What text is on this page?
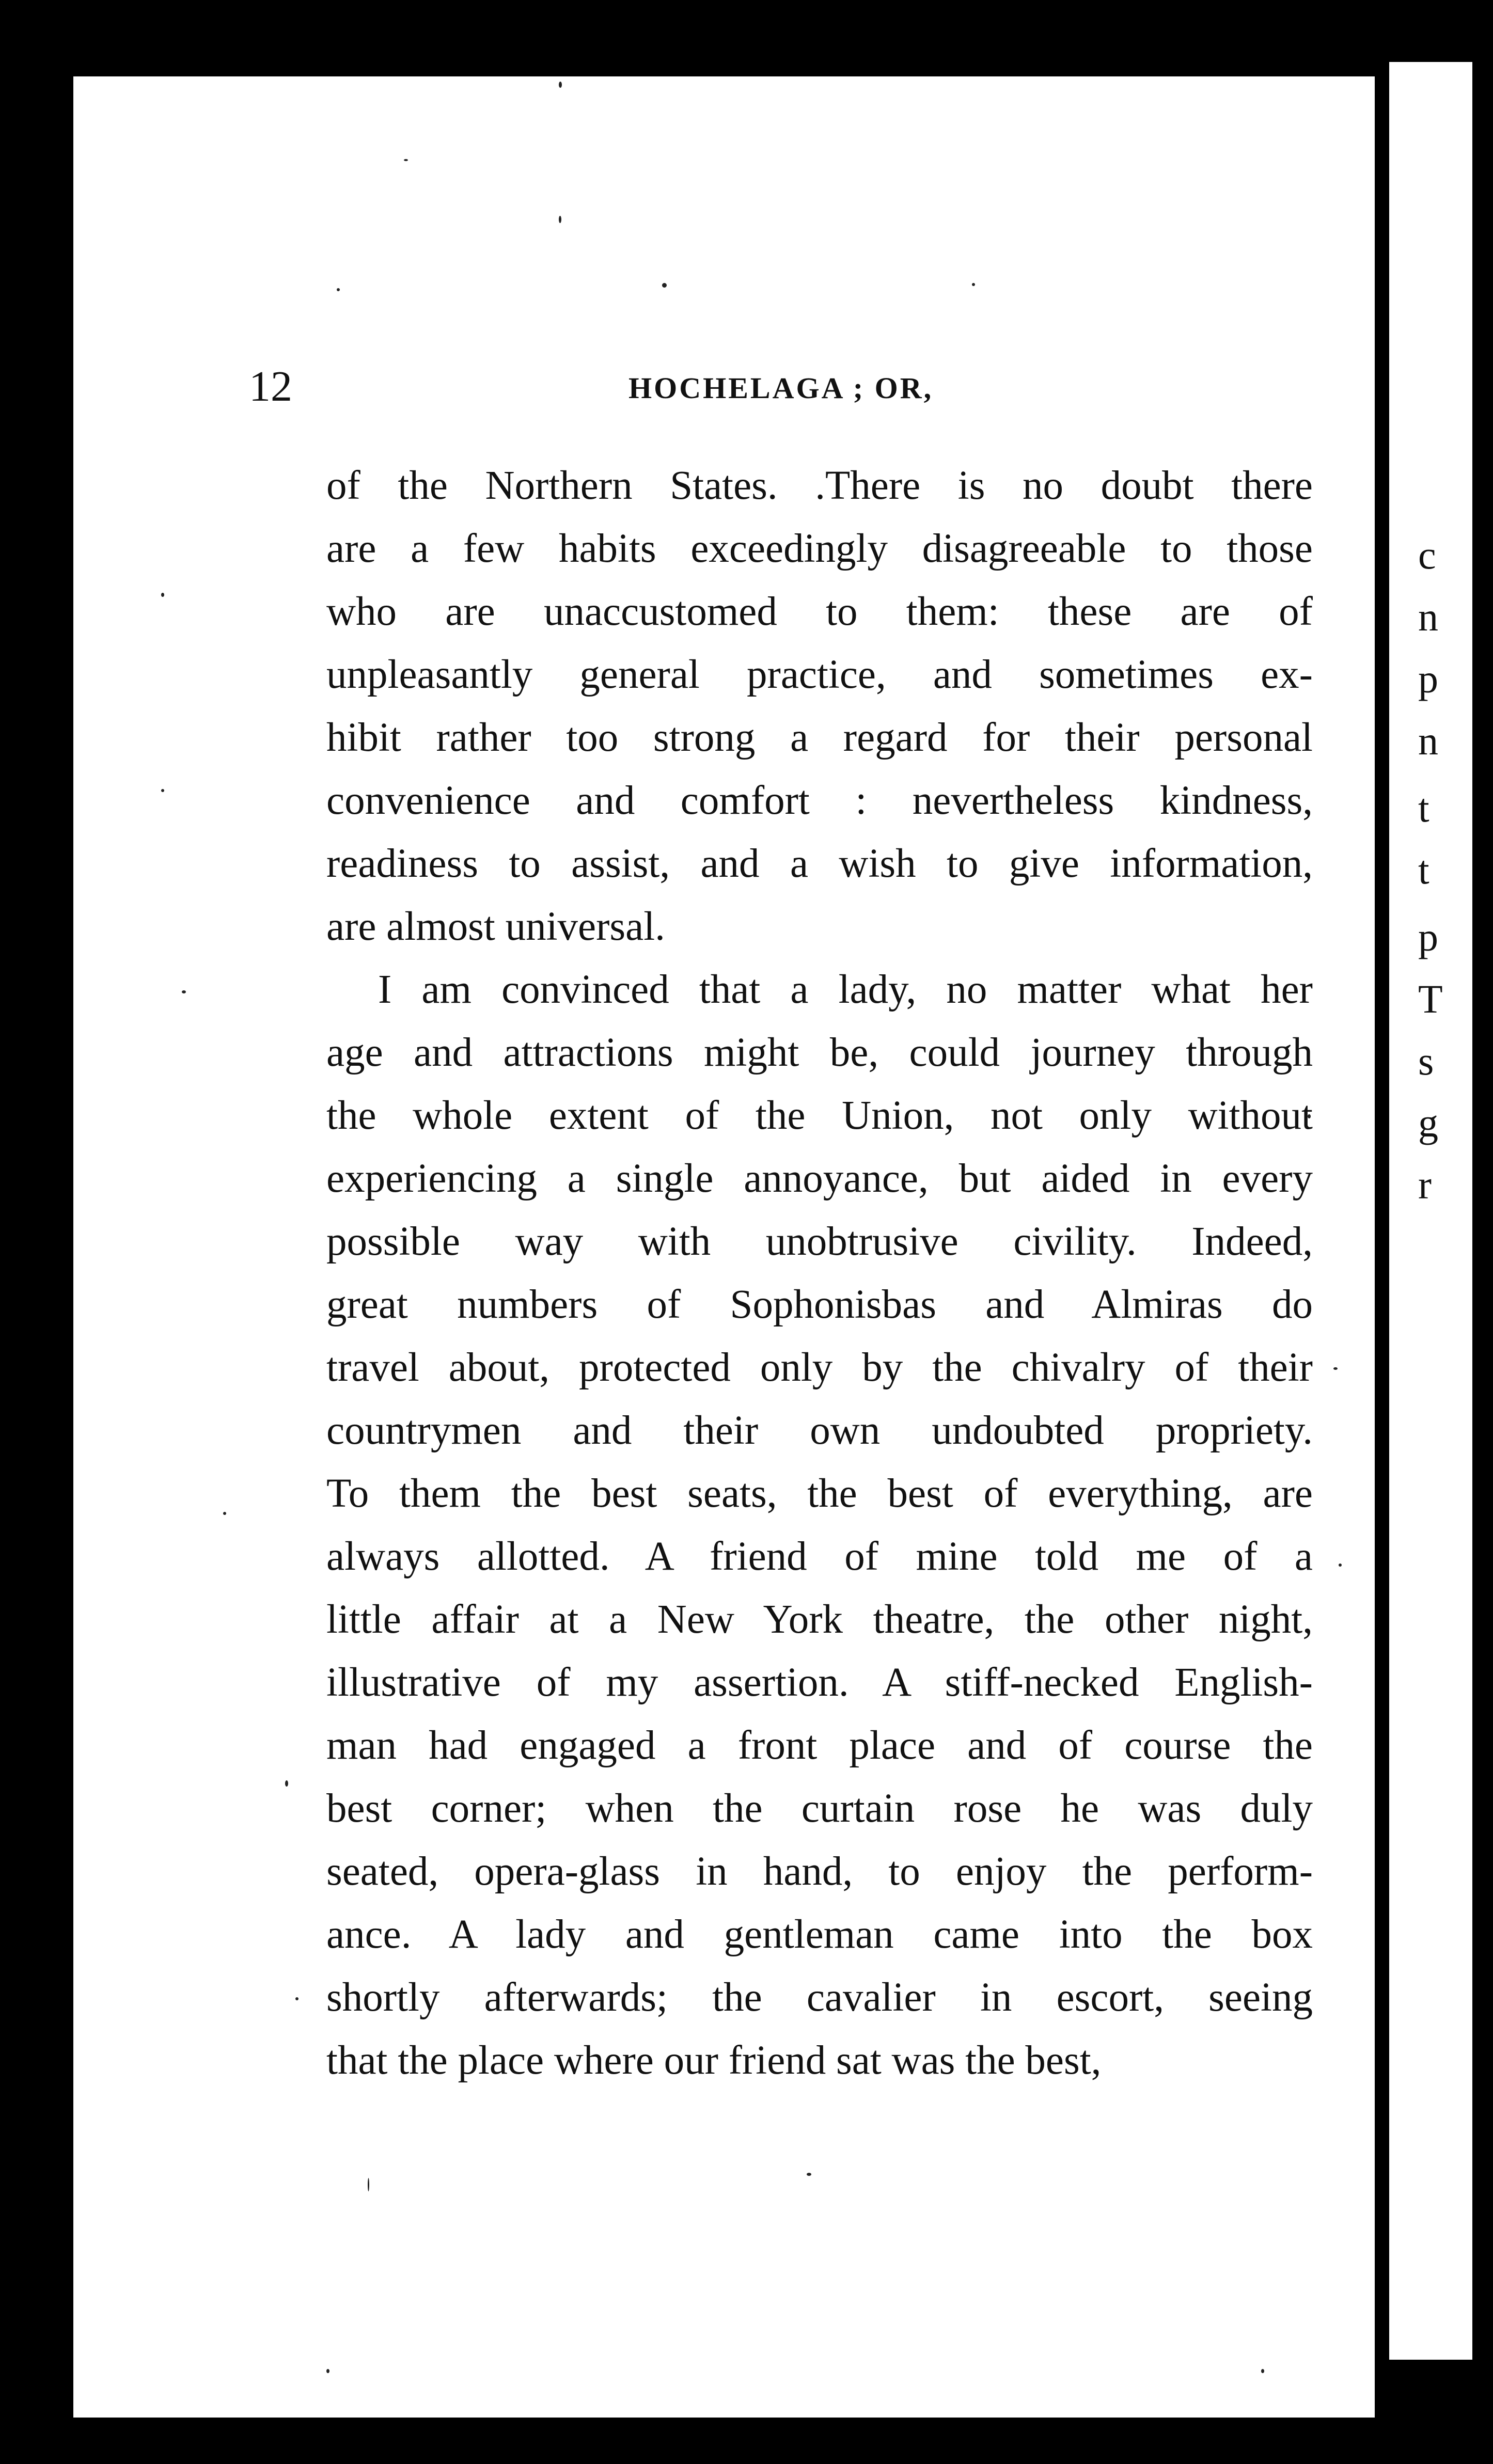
c
n
p
n
t
t
p
T
s
g
r
12	HOCHELAGA ; OR,
of the Northern States. .There is no doubt there
are a few habits exceedingly disagreeable to those
who are unaccustomed to them: these are of
unpleasantly general practice, and sometimes ex-
hibit rather too strong a regard for their personal
convenience and comfort : nevertheless kindness,
readiness to assist, and a wish to give information,
are almost universal.
I am convinced that a lady, no matter what her
age and attractions might be, could journey through
the whole extent of the Union, not only without
experiencing a single annoyance, but aided in every
possible way with unobtrusive civility. Indeed,
great numbers of Sophonisbas and Almiras do
travel about, protected only by the chivalry of their
countrymen and their own undoubted propriety.
To them the best seats, the best of everything, are
always allotted. A friend of mine told me of a
little affair at a New York theatre, the other night,
illustrative of my assertion. A stiff-necked English-
man had engaged a front place and of course the
best corner; when the curtain rose he was duly
seated, opera-glass in hand, to enjoy the perform-
ance. A lady and gentleman came into the box
shortly afterwards; the cavalier in escort, seeing
that the place where our friend sat was the best,
